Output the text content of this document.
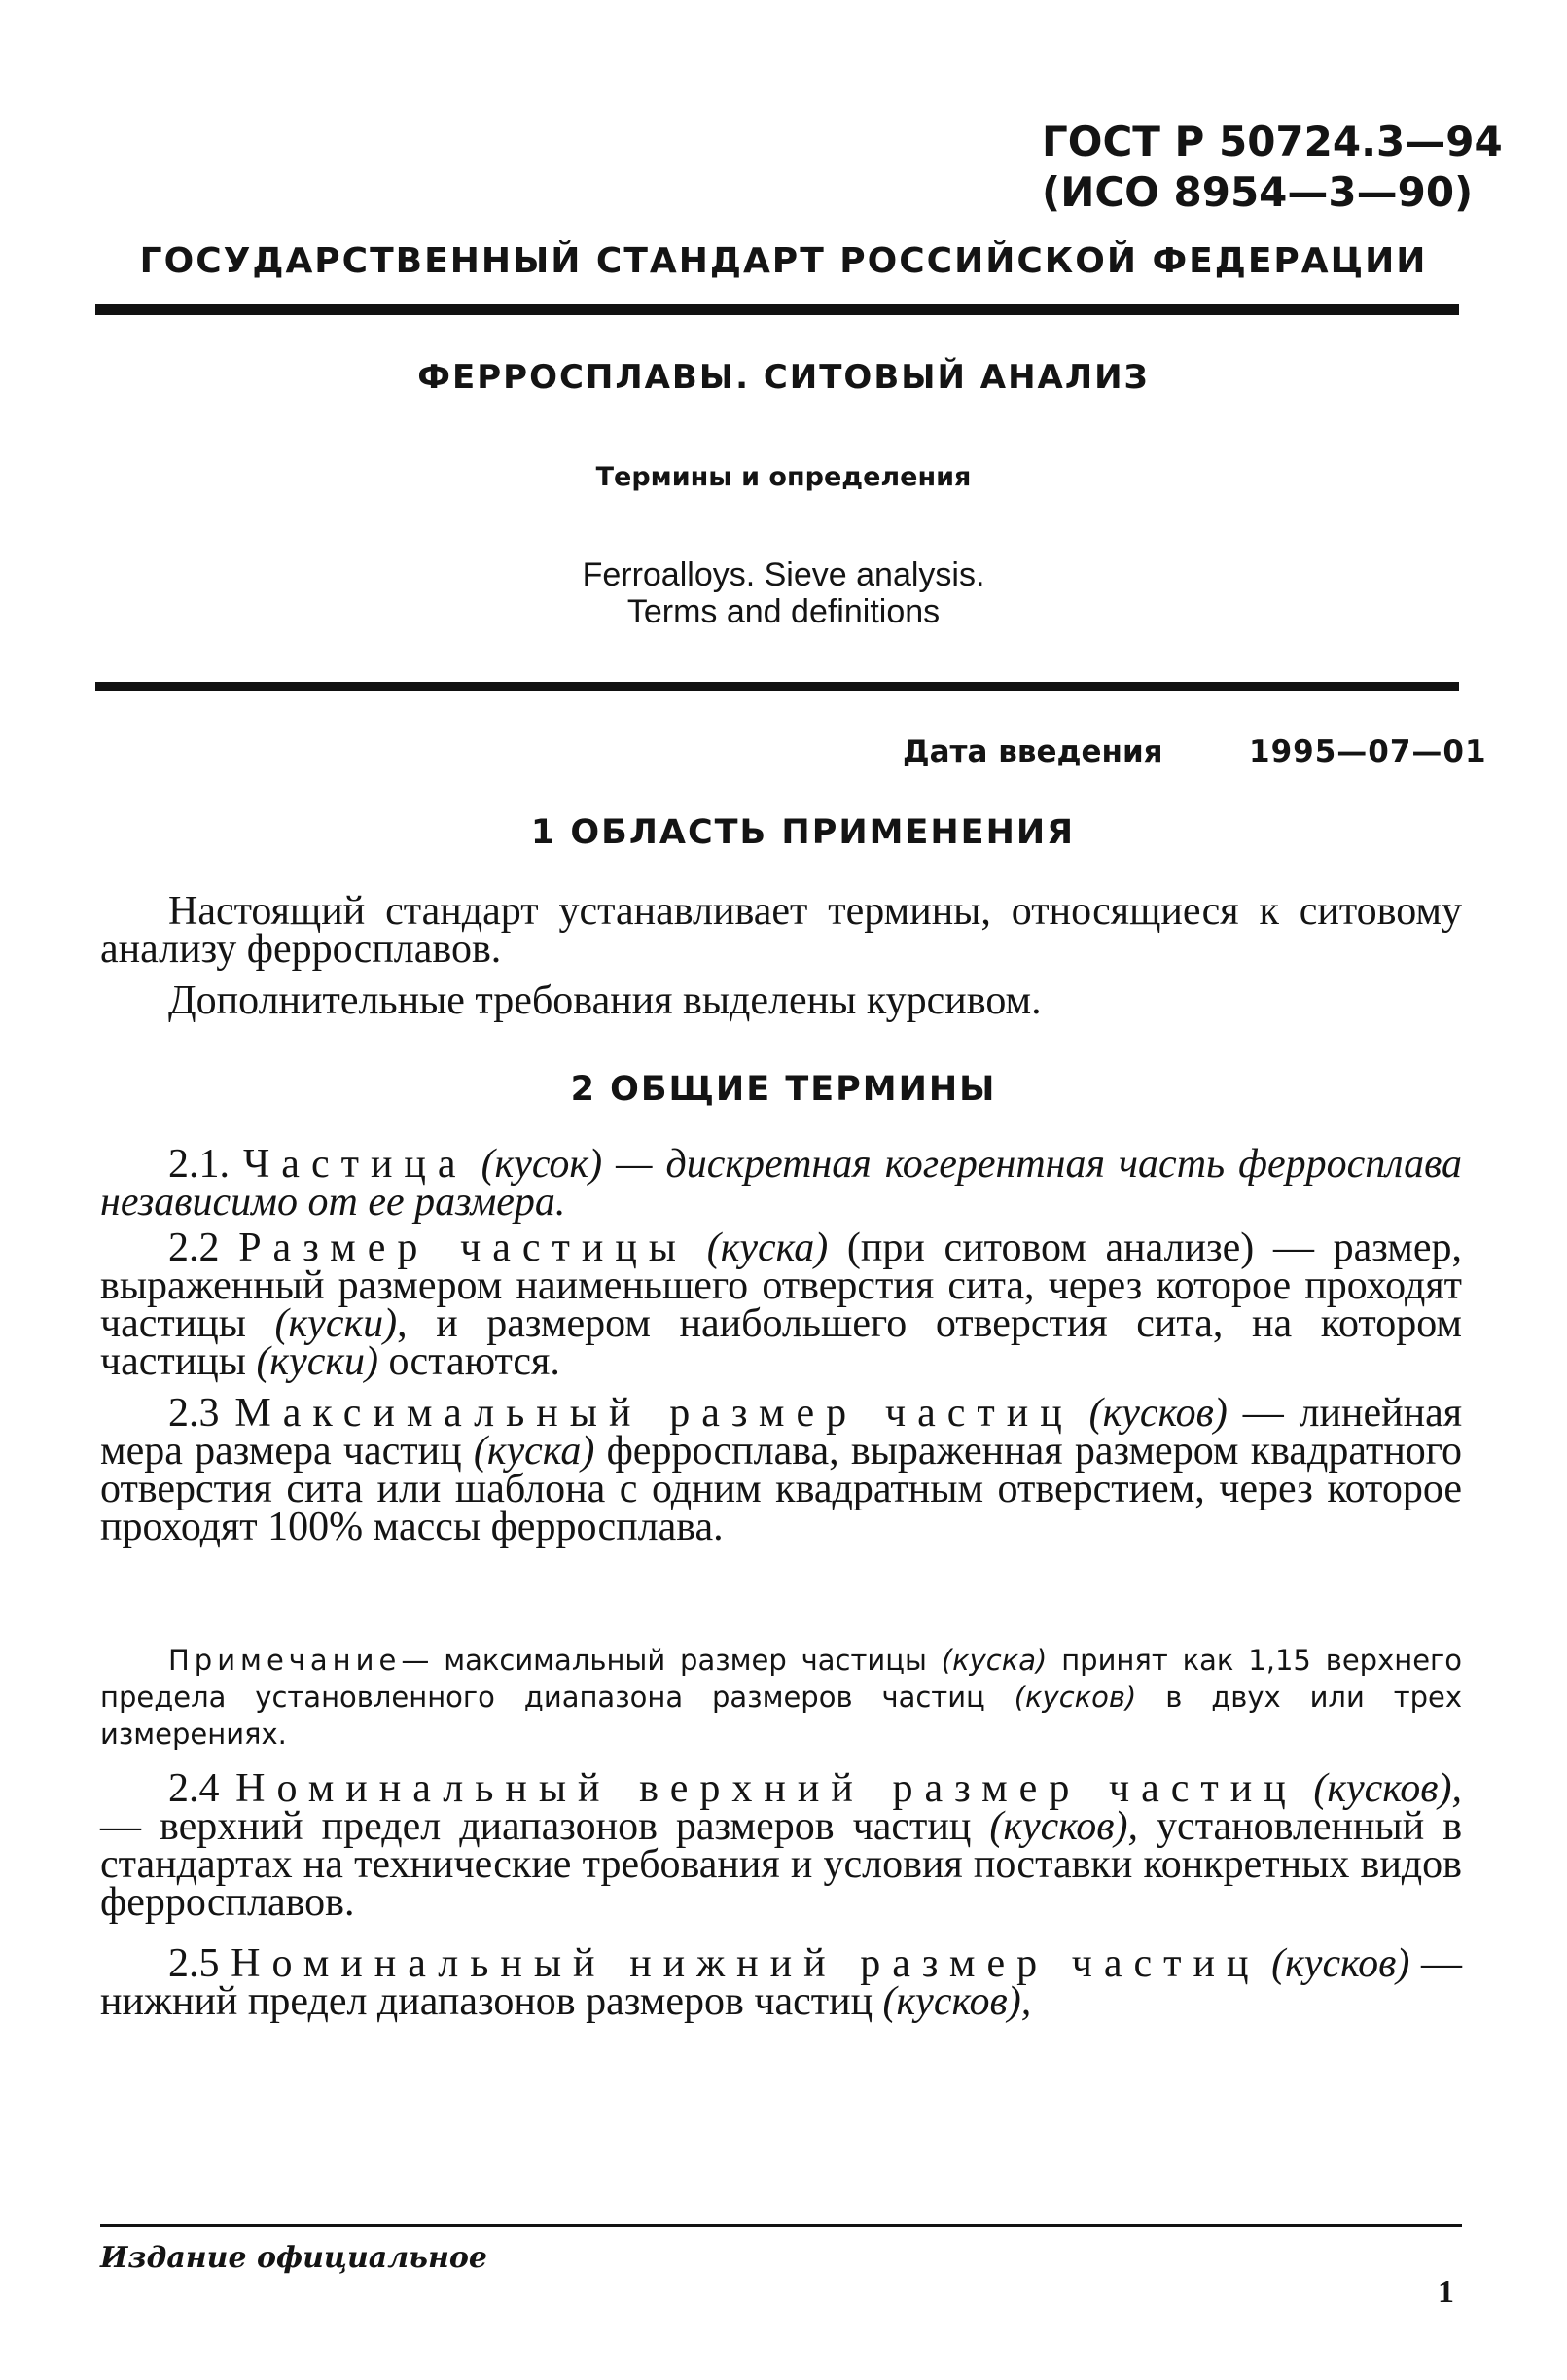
ГОСТ Р 50724.3—94
(ИСО 8954—3—90)
ГОСУДАРСТВЕННЫЙ СТАНДАРТ РОССИЙСКОЙ ФЕДЕРАЦИИ
ФЕРРОСПЛАВЫ. СИТОВЫЙ АНАЛИЗ
Термины и определения
Ferroalloys. Sieve analysis.
Terms and definitions
Дата введения	1995—07—01
1 ОБЛАСТЬ ПРИМЕНЕНИЯ
Настоящий стандарт устанавливает термины, относящиеся к ситовому анализу ферросплавов.
Дополнительные требования выделены курсивом.
2 ОБЩИЕ ТЕРМИНЫ
2.1. Частица (кусок) — дискретная когерентная часть ферросплава независимо от ее размера.
2.2 Размер частицы (куска) (при ситовом анализе) — размер, выраженный размером наименьшего отверстия сита, через которое проходят частицы (куски), и размером наибольшего отверстия сита, на котором частицы (куски) остаются.
2.3 Максимальный размер частиц (кусков) — линейная мера размера частиц (куска) ферросплава, выраженная размером квадратного отверстия сита или шаблона с одним квадратным отверстием, через которое проходят 100% массы ферросплава.
Примечание— максимальный размер частицы (куска) принят как 1,15 верхнего предела установленного диапазона размеров частиц (кусков) в двух или трех измерениях.
2.4 Номинальный верхний размер частиц (кусков),— верхний предел диапазонов размеров частиц (кусков), установленный в стандартах на технические требования и условия поставки конкретных видов ферросплавов.
2.5 Номинальный нижний размер частиц (кусков) — нижний предел диапазонов размеров частиц (кусков),
Издание официальное
1
